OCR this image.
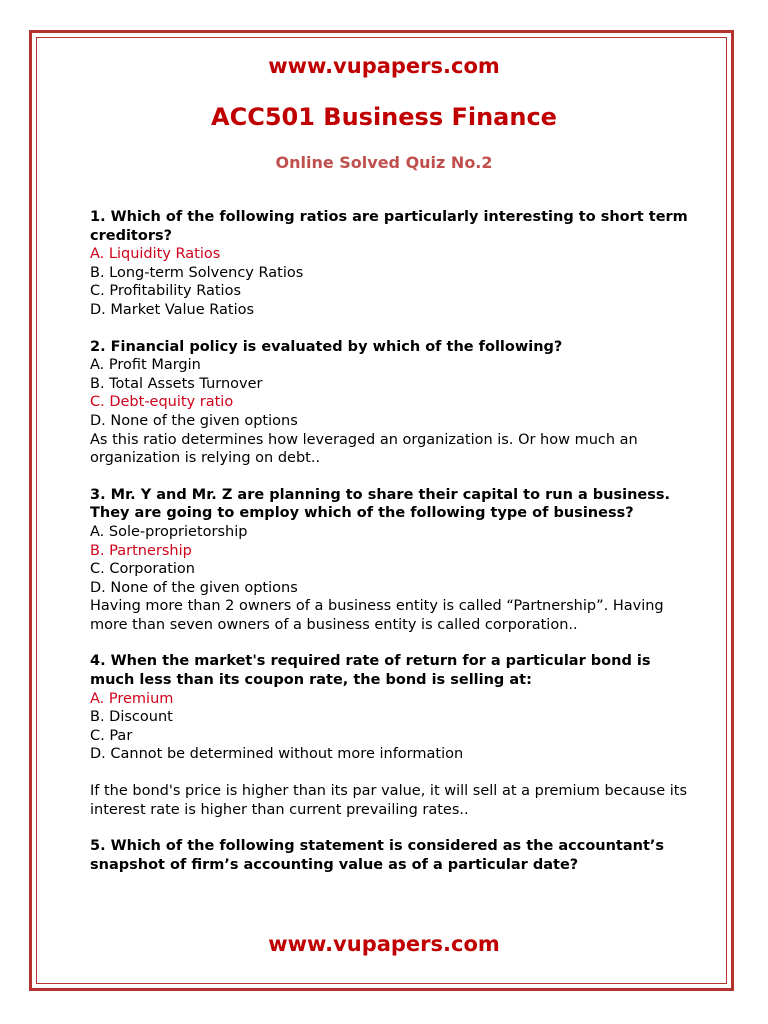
www.vupapers.com
ACC501 Business Finance
Online Solved Quiz No.2

1. Which of the following ratios are particularly interesting to short term creditors?

A. Liquidity Ratios

B. Long-term Solvency Ratios

C. Profitability Ratios

D. Market Value Ratios

2. Financial policy is evaluated by which of the following?

A. Profit Margin

B. Total Assets Turnover

C. Debt-equity ratio

D. None of the given options

As this ratio determines how leveraged an organization is. Or how much an organization is relying on debt..

3. Mr. Y and Mr. Z are planning to share their capital to run a business. They are going to employ which of the following type of business?

A. Sole-proprietorship

B. Partnership

C. Corporation

D. None of the given options

Having more than 2 owners of a business entity is called “Partnership”. Having more than seven owners of a business entity is called corporation..

4. When the market's required rate of return for a particular bond is much less than its coupon rate, the bond is selling at:

A. Premium

B. Discount

C. Par

D. Cannot be determined without more information

If the bond's price is higher than its par value, it will sell at a premium because its interest rate is higher than current prevailing rates..

5. Which of the following statement is considered as the accountant’s snapshot of firm’s accounting value as of a particular date?

www.vupapers.com
